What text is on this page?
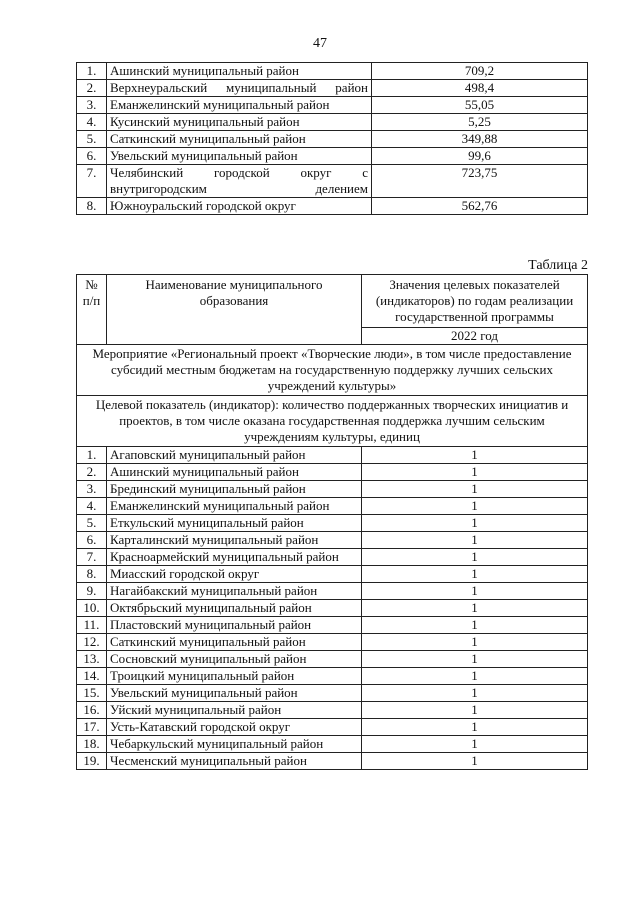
47
1.	Ашинский муниципальный район	709,2
2.	Верхнеуральский муниципальный район	498,4
3.	Еманжелинский муниципальный район	55,05
4.	Кусинский муниципальный район	5,25
5.	Саткинский муниципальный район	349,88
6.	Увельский муниципальный район	99,6
7.	Челябинский городской округ с внутригородским делением	723,75
8.	Южноуральский городской округ	562,76
Таблица 2
№ п/п	Наименование муниципального образования	Значения целевых показателей (индикаторов) по годам реализации государственной программы
		2022 год
Мероприятие «Региональный проект «Творческие люди», в том числе предоставление субсидий местным бюджетам на государственную поддержку лучших сельских учреждений культуры»		
Целевой показатель (индикатор): количество поддержанных творческих инициатив и проектов, в том числе оказана государственная поддержка лучшим сельским учреждениям культуры, единиц		
1.	Агаповский муниципальный район	1
2.	Ашинский муниципальный район	1
3.	Брединский муниципальный район	1
4.	Еманжелинский муниципальный район	1
5.	Еткульский муниципальный район	1
6.	Карталинский муниципальный район	1
7.	Красноармейский муниципальный район	1
8.	Миасский городской округ	1
9.	Нагайбакский муниципальный район	1
10.	Октябрьский муниципальный район	1
11.	Пластовский муниципальный район	1
12.	Саткинский муниципальный район	1
13.	Сосновский муниципальный район	1
14.	Троицкий муниципальный район	1
15.	Увельский муниципальный район	1
16.	Уйский муниципальный район	1
17.	Усть-Катавский городской округ	1
18.	Чебаркульский муниципальный район	1
19.	Чесменский муниципальный район	1
